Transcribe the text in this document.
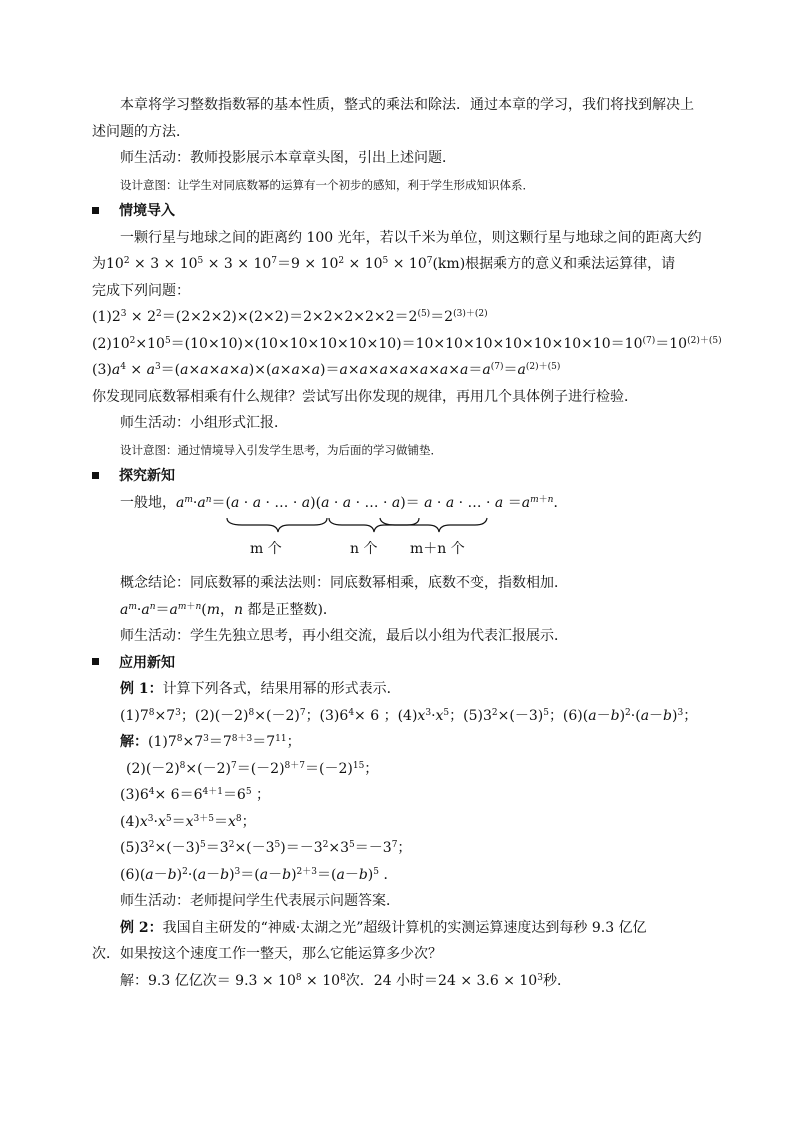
本章将学习整数指数幂的基本性质，整式的乘法和除法．通过本章的学习，我们将找到解决上
述问题的方法．
师生活动：教师投影展示本章章头图，引出上述问题．
设计意图：让学生对同底数幂的运算有一个初步的感知，利于学生形成知识体系．
情境导入
一颗行星与地球之间的距离约 100 光年，若以千米为单位，则这颗行星与地球之间的距离大约
为$10^2 \times 3 \times 10^5 \times 3 \times 10^7=9 \times 10^2 \times 10^5 \times 10^7(km)$根据乘方的意义和乘法运算律，请
完成下列问题：
$(1)2^3 \times 2^2=(2\times 2\times 2)\times(2\times 2)=2\times 2\times 2\times 2\times 2=2^{(5)}=2^{(3)+(2)}$
$(2)10^2\times 10^5=(10\times 10)\times(10\times 10\times 10\times 10\times 10)=10\times 10\times 10\times 10\times 10\times 10\times 10=10^{(7)}=10^{(2)+(5)}$
$(3)a^4 \times a^3=(a\times a\times a\times a)\times(a\times a\times a)=a\times a\times a\times a\times a\times a\times a=a^{(7)}=a^{(2)+(5)}$
你发现同底数幂相乘有什么规律？尝试写出你发现的规律，再用几个具体例子进行检验．
师生活动：小组形式汇报．
设计意图：通过情境导入引发学生思考，为后面的学习做铺垫．
探究新知
一般地，$a^m\cdot a^n=(a \cdot a$ · … · a)(a · a · … · a)＝ a · a · … · $a =a^{m+n}$．
m 个	n 个 m＋n 个
概念结论：同底数幂的乘法法则：同底数幂相乘，底数不变，指数相加．
$a^m\cdot a^n=a^{m+n}(m$，n 都是正整数)．
师生活动：学生先独立思考，再小组交流，最后以小组为代表汇报展示．
应用新知
例 1：计算下列各式，结果用幂的形式表示．
$(1)7^8\times 7^3$；$(2)(-2)^8\times(-2)^7$；$(3)6^4\times 6$ ；$(4)x^3\cdot x^5$；$(5)3^2\times(-3)^5$；$(6)(a-b)^2\cdot(a-b)^3$；
解：$(1)7^8\times 7^3=7^{8+3}=7^{11}$；
$(2)(-2)^8\times(-2)^7=(-2)^{8+7}=(-2)^{15}$；
$(3)6^4\times 6=6^{4+1}=6^5$ ；
$(4)x^3\cdot x^5=x^{3+5}=x^8$；
$(5)3^2\times(-3)^5=3^2\times(-3^5)=-3^2\times 3^5=-3^7$；
$(6)(a-b)^2\cdot(a-b)^3=(a-b)^{2+3}=(a-b)^5$ ．
师生活动：老师提问学生代表展示问题答案．
例 2：我国自主研发的“神威·太湖之光”超级计算机的实测运算速度达到每秒 9.3 亿亿
次．如果按这个速度工作一整天，那么它能运算多少次？
解：9.3 亿亿次＝ $9.3 \times 10^8 \times 10^8$次．24 小时$=24 \times 3.6 \times 10^3$秒．
